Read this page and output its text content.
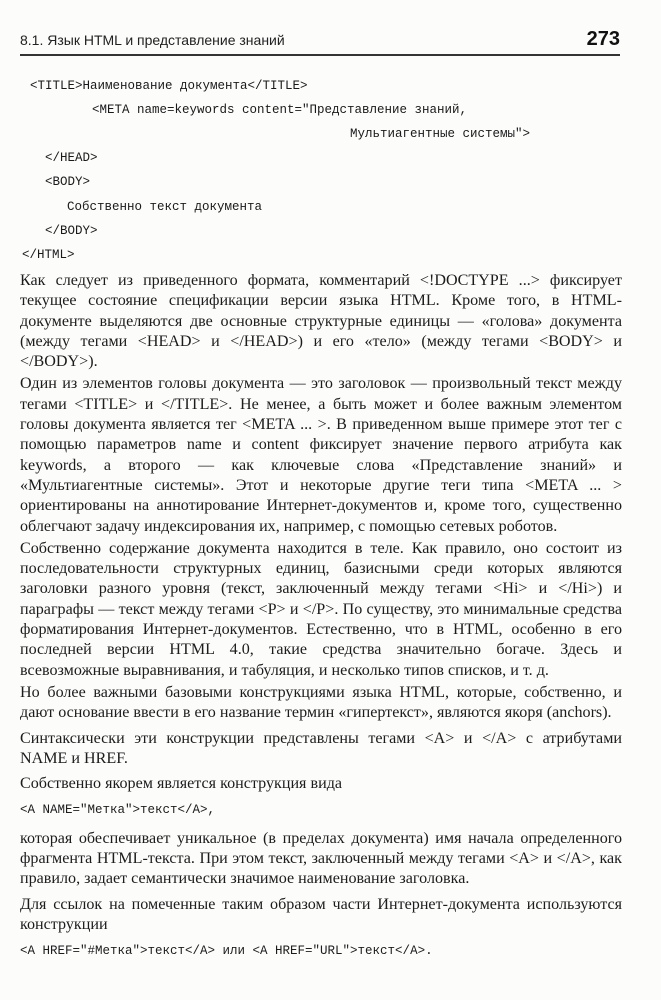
8.1. Язык HTML и представление знаний	273
<TITLE>Наименование документа</TITLE>
<META name=keywords content="Представление знаний,
Мультиагентные системы">
</HEAD>
<BODY>
Собственно текст документа
</BODY>
</HTML>

Как следует из приведенного формата, комментарий <!DOCTYPE ...> фиксирует текущее состояние спецификации версии языка HTML. Кроме того, в HTML-документе выделяются две основные структурные единицы — «голова» документа (между тегами <HEAD> и </HEAD>) и его «тело» (между тегами <BODY> и </BODY>).

Один из элементов головы документа — это заголовок — произвольный текст между тегами <TITLE> и </TITLE>. Не менее, а быть может и более важным элементом головы документа является тег <META ... >. В приведенном выше примере этот тег с помощью параметров name и content фиксирует значение первого атрибута как keywords, а второго — как ключевые слова «Представление знаний» и «Мультиагентные системы». Этот и некоторые другие теги типа <META ... > ориентированы на аннотирование Интернет-документов и, кроме того, существенно облегчают задачу индексирования их, например, с помощью сетевых роботов.

Собственно содержание документа находится в теле. Как правило, оно состоит из последовательности структурных единиц, базисными среди которых являются заголовки разного уровня (текст, заключенный между тегами <Hi> и </Hi>) и параграфы — текст между тегами <P> и </P>. По существу, это минимальные средства форматирования Интернет-документов. Естественно, что в HTML, особенно в его последней версии HTML 4.0, такие средства значительно богаче. Здесь и всевозможные выравнивания, и табуляция, и несколько типов списков, и т. д.

Но более важными базовыми конструкциями языка HTML, которые, собственно, и дают основание ввести в его название термин «гипертекст», являются якоря (anchors).

Синтаксически эти конструкции представлены тегами <A> и </A> с атрибутами NAME и HREF.

Собственно якорем является конструкция вида

<A NAME="Метка">текст</A>,

которая обеспечивает уникальное (в пределах документа) имя начала определенного фрагмента HTML-текста. При этом текст, заключенный между тегами <A> и </A>, как правило, задает семантически значимое наименование заголовка.

Для ссылок на помеченные таким образом части Интернет-документа используются конструкции

<A HREF="#Метка">текст</A> или <A HREF="URL">текст</A>.
